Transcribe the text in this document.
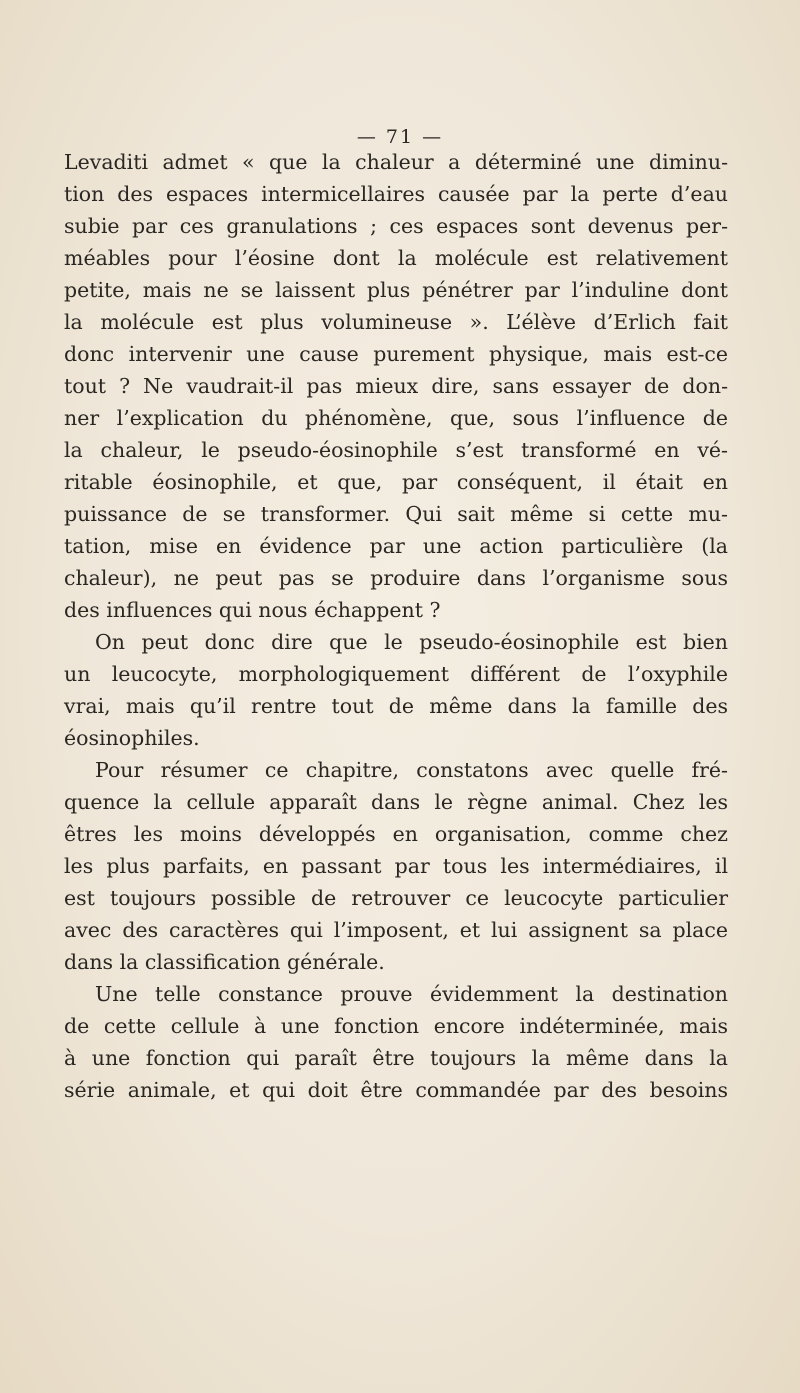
— 71 —
Levaditi admet « que la chaleur a déterminé une diminu-
tion des espaces intermicellaires causée par la perte d’eau
subie par ces granulations ; ces espaces sont devenus per-
méables pour l’éosine dont la molécule est relativement
petite, mais ne se laissent plus pénétrer par l’induline dont
la molécule est plus volumineuse ». L’élève d’Erlich fait
donc intervenir une cause purement physique, mais est-ce
tout ? Ne vaudrait-il pas mieux dire, sans essayer de don-
ner l’explication du phénomène, que, sous l’influence de
la chaleur, le pseudo-éosinophile s’est transformé en vé-
ritable éosinophile, et que, par conséquent, il était en
puissance de se transformer. Qui sait même si cette mu-
tation, mise en évidence par une action particulière (la
chaleur), ne peut pas se produire dans l’organisme sous
des influences qui nous échappent ?
On peut donc dire que le pseudo-éosinophile est bien
un leucocyte, morphologiquement différent de l’oxyphile
vrai, mais qu’il rentre tout de même dans la famille des
éosinophiles.
Pour résumer ce chapitre, constatons avec quelle fré-
quence la cellule apparaît dans le règne animal. Chez les
êtres les moins développés en organisation, comme chez
les plus parfaits, en passant par tous les intermédiaires, il
est toujours possible de retrouver ce leucocyte particulier
avec des caractères qui l’imposent, et lui assignent sa place
dans la classification générale.
Une telle constance prouve évidemment la destination
de cette cellule à une fonction encore indéterminée, mais
à une fonction qui paraît être toujours la même dans la
série animale, et qui doit être commandée par des besoins
